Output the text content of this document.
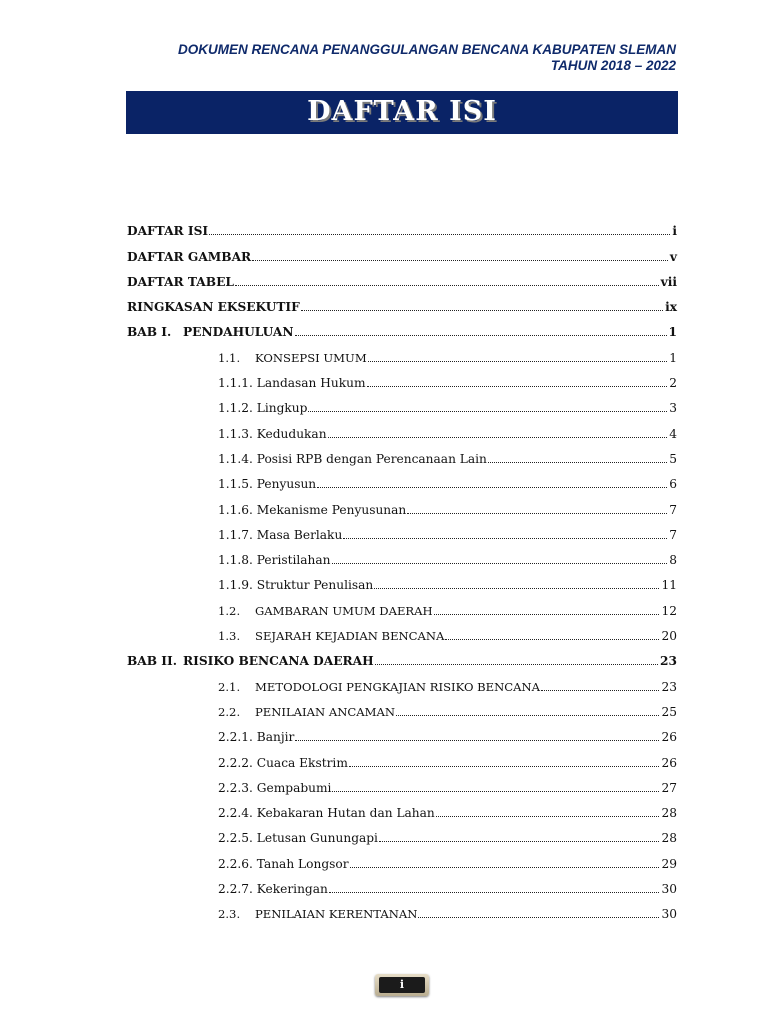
DOKUMEN RENCANA PENANGGULANGAN BENCANA KABUPATEN SLEMAN
TAHUN 2018 – 2022
DAFTAR ISI
DAFTAR ISI	i
DAFTAR GAMBAR	v
DAFTAR TABEL	vii
RINGKASAN EKSEKUTIF	ix
BAB I. PENDAHULUAN	1
1.1.	KONSEPSI UMUM	1
1.1.1. Landasan Hukum	2
1.1.2. Lingkup	3
1.1.3. Kedudukan	4
1.1.4. Posisi RPB dengan Perencanaan Lain	5
1.1.5. Penyusun	6
1.1.6. Mekanisme Penyusunan	7
1.1.7. Masa Berlaku	7
1.1.8. Peristilahan	8
1.1.9. Struktur Penulisan	11
1.2.	GAMBARAN UMUM DAERAH	12
1.3.	SEJARAH KEJADIAN BENCANA	20
BAB II. RISIKO BENCANA DAERAH	23
2.1.	METODOLOGI PENGKAJIAN RISIKO BENCANA	23
2.2.	PENILAIAN ANCAMAN	25
2.2.1. Banjir	26
2.2.2. Cuaca Ekstrim	26
2.2.3. Gempabumi	27
2.2.4. Kebakaran Hutan dan Lahan	28
2.2.5. Letusan Gunungapi	28
2.2.6. Tanah Longsor	29
2.2.7. Kekeringan	30
2.3.	PENILAIAN KERENTANAN	30
i
